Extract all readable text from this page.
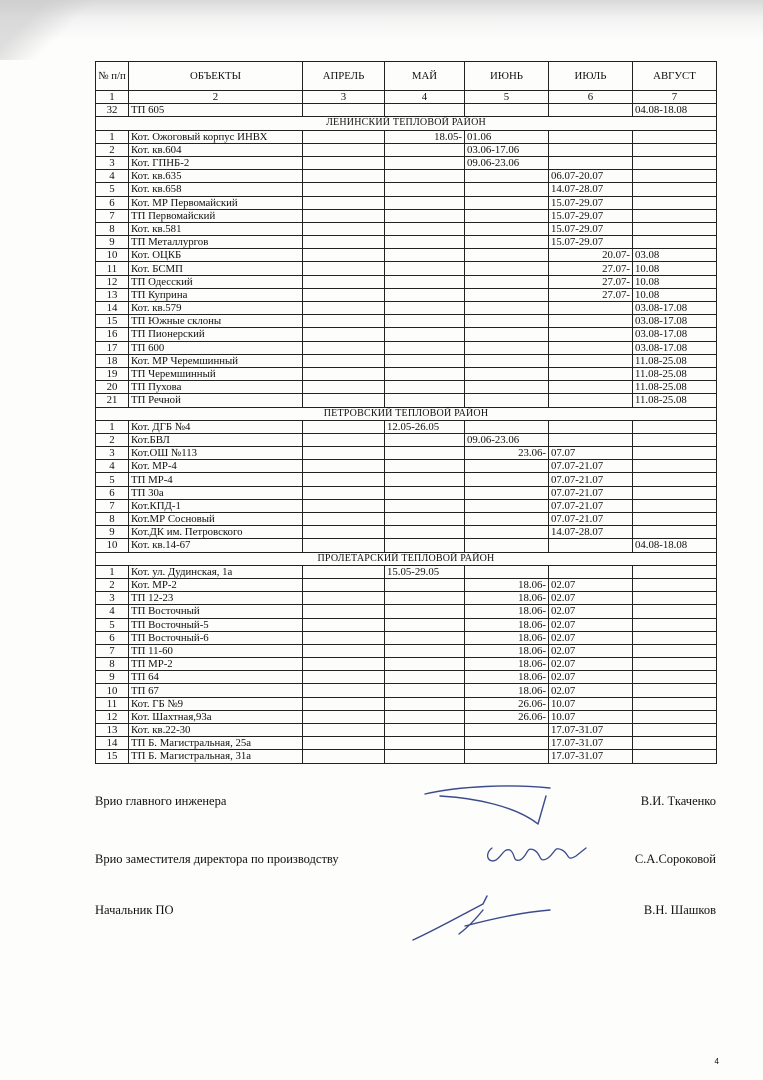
№ п/п	ОБЪЕКТЫ	АПРЕЛЬ	МАЙ	ИЮНЬ	ИЮЛЬ	АВГУСТ
1	2	3	4	5	6	7
32	ТП 605					04.08-18.08
ЛЕНИНСКИЙ ТЕПЛОВОЙ РАЙОН						
1	Кот. Ожоговый корпус ИНВХ		18.05-	01.06		
2	Кот. кв.604			03.06-17.06		
3	Кот. ГПНБ-2			09.06-23.06		
4	Кот. кв.635				06.07-20.07	
5	Кот. кв.658				14.07-28.07	
6	Кот. МР Первомайский				15.07-29.07	
7	ТП Первомайский				15.07-29.07	
8	Кот. кв.581				15.07-29.07	
9	ТП Металлургов				15.07-29.07	
10	Кот. ОЦКБ				20.07-	03.08
11	Кот. БСМП				27.07-	10.08
12	ТП Одесский				27.07-	10.08
13	ТП Куприна				27.07-	10.08
14	Кот. кв.579					03.08-17.08
15	ТП Южные склоны					03.08-17.08
16	ТП Пионерский					03.08-17.08
17	ТП 600					03.08-17.08
18	Кот. МР Черемшинный					11.08-25.08
19	ТП Черемшинный					11.08-25.08
20	ТП Пухова					11.08-25.08
21	ТП Речной					11.08-25.08
ПЕТРОВСКИЙ ТЕПЛОВОЙ РАЙОН						
1	Кот. ДГБ №4		12.05-26.05			
2	Кот.БВЛ			09.06-23.06		
3	Кот.ОШ №113			23.06-	07.07	
4	Кот. МР-4				07.07-21.07	
5	ТП МР-4				07.07-21.07	
6	ТП 30а				07.07-21.07	
7	Кот.КПД-1				07.07-21.07	
8	Кот.МР Сосновый				07.07-21.07	
9	Кот.ДК им. Петровского				14.07-28.07	
10	Кот. кв.14-67					04.08-18.08
ПРОЛЕТАРСКИЙ ТЕПЛОВОЙ РАЙОН						
1	Кот. ул. Дудинская, 1а		15.05-29.05			
2	Кот. МР-2			18.06-	02.07	
3	ТП 12-23			18.06-	02.07	
4	ТП Восточный			18.06-	02.07	
5	ТП Восточный-5			18.06-	02.07	
6	ТП Восточный-6			18.06-	02.07	
7	ТП 11-60			18.06-	02.07	
8	ТП МР-2			18.06-	02.07	
9	ТП 64			18.06-	02.07	
10	ТП 67			18.06-	02.07	
11	Кот. ГБ №9			26.06-	10.07	
12	Кот. Шахтная,93а			26.06-	10.07	
13	Кот. кв.22-30				17.07-31.07	
14	ТП Б. Магистральная, 25а				17.07-31.07	
15	ТП Б. Магистральная, 31а				17.07-31.07	
Врио главного инженера	В.И. Ткаченко
Врио заместителя директора по производству	С.А.Сороковой
Начальник ПО	В.Н. Шашков
4
